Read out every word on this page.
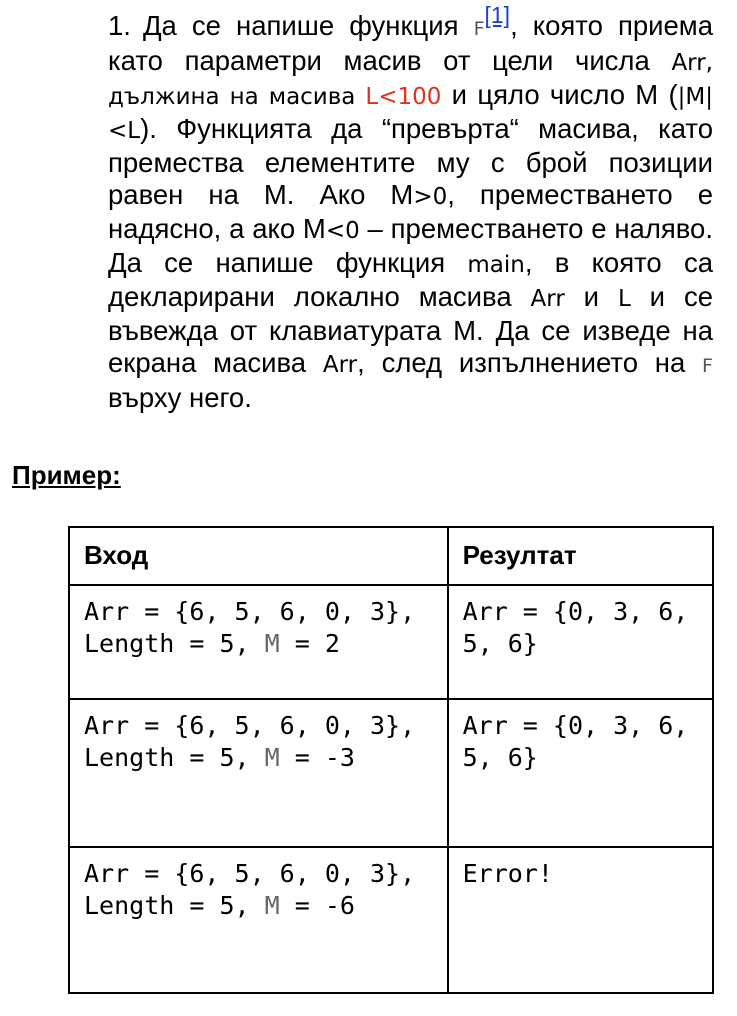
1. Да се напише функция F[1], която приема като параметри масив от цели числа Arr, дължина на масива L<100 и цяло число М (|M|<L). Функцията да “превърта“ масива, като премества елементите му с брой позиции равен на М. Ако М>0, преместването е надясно, а ако М<0 – преместването е наляво. Да се напише функция main, в която са декларирани локално масива Arr и L и се въвежда от клавиатурата М. Да се изведе на екрана масива Arr, след изпълнението на F върху него.
Пример:
Вход	Резултат
Arr = {6, 5, 6, 0, 3}, Length = 5, M = 2	Arr = {0, 3, 6, 5, 6}
Arr = {6, 5, 6, 0, 3}, Length = 5, M = -3	Arr = {0, 3, 6, 5, 6}
Arr = {6, 5, 6, 0, 3}, Length = 5, M = -6	Error!
